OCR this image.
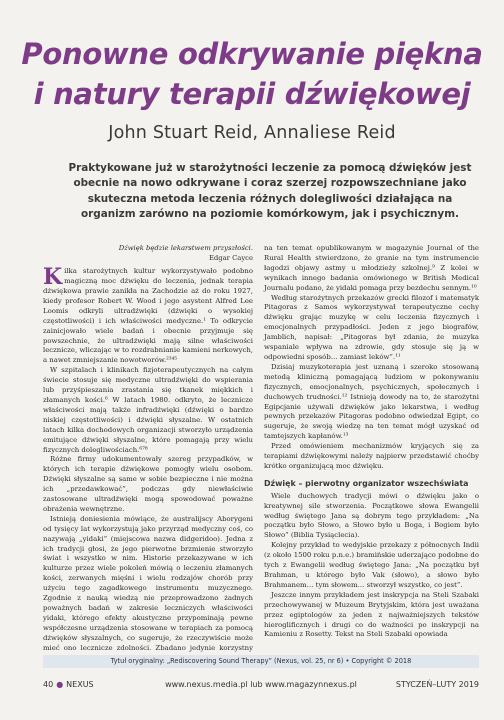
Ponowne odkrywanie piękna
i natury terapii dźwiękowej
John Stuart Reid, Annaliese Reid
Praktykowane już w starożytności leczenie za pomocą dźwięków jest obecnie na nowo odkrywane i coraz szerzej rozpowszechniane jako skuteczna metoda leczenia różnych dolegliwości działająca na organizm zarówno na poziomie komórkowym, jak i psychicznym.
Dźwięk będzie lekarstwem przyszłości.
Edgar Cayce

Kilka starożytnych kultur wykorzystywało podobno magiczną moc dźwięku do leczenia, jednak terapia dźwiękowa prawie zanikła na Zachodzie aż do roku 1927, kiedy profesor Robert W. Wood i jego asystent Alfred Lee Loomis odkryli ultradźwięki (dźwięki o wysokiej częstotliwości) i ich właściwości medyczne.¹ To odkrycie zainicjowało wiele badań i obecnie przyjmuje się powszechnie, że ultradźwięki mają silne właściwości lecznicze, wliczając w to rozdrabnianie kamieni nerkowych, a nawet zmniejszanie nowotworów.²³⁴⁵

W szpitalach i klinikach fizjoterapeutycznych na całym świecie stosuje się medyczne ultradźwięki do wspierania lub przyśpieszania zrastania się tkanek miękkich i złamanych kości.⁶ W latach 1980. odkryto, że lecznicze właściwości mają także infradźwięki (dźwięki o bardzo niskiej częstotliwości) i dźwięki słyszalne. W ostatnich latach kilka dochodowych organizacji stworzyło urządzenia emitujące dźwięki słyszalne, które pomagają przy wielu fizycznych dolegliwościach.⁶⁷⁸

Różne firmy udokumentowały szereg przypadków, w których ich terapie dźwiękowe pomogły wielu osobom. Dźwięki słyszalne są same w sobie bezpieczne i nie można ich „przedawkować”, podczas gdy niewłaściwie zastosowane ultradźwięki mogą spowodować poważne obrażenia wewnętrzne.

Istnieją doniesienia mówiące, że australijscy Aborygeni od tysięcy lat wykorzystują jako przyrząd medyczny coś, co nazywają „yidaki” (miejscowa nazwa didgeridoo). Jedna z ich tradycji głosi, że jego pierwotne brzmienie stworzyło świat i wszystko w nim. Historie przekazywane w ich kulturze przez wiele pokoleń mówią o leczeniu złamanych kości, zerwanych mięśni i wielu rodzajów chorób przy użyciu tego zagadkowego instrumentu muzycznego. Zgodnie z nauką wiedzą nie przeprowadzono żadnych poważnych badań w zakresie leczniczych właściwości yidaki, którego efekty akustyczne przypominają pewne współczesne urządzenia stosowane w terapiach za pomocą dźwięków słyszalnych, co sugeruje, że rzeczywiście może mieć ono lecznicze zdolności. Zbadano jedynie korzystny

na ten temat opublikowanym w magazynie Journal of the Rural Health stwierdzono, że granie na tym instrumencie łagodzi objawy astmy u młodzieży szkolnej.⁹ Z kolei w wynikach innego badania omówionego w British Medical Journalu podano, że yidaki pomaga przy bezdechu sennym.¹⁰

Według starożytnych przekazów grecki filozof i matematyk Pitagoras z Samos wykorzystywał terapeutyczne cechy dźwięku grając muzykę w celu leczenia fizycznych i emocjonalnych przypadłości. Jeden z jego biografów, Jamblich, napisał: „Pitagoras był zdania, że muzyka wspaniale wpływa na zdrowie, gdy stosuje się ją w odpowiedni sposób… zamiast leków”.¹¹

Dzisiaj muzykoterapia jest uznaną i szeroko stosowaną metodą kliniczną pomagającą ludziom w pokonywaniu fizycznych, emocjonalnych, psychicznych, społecznych i duchowych trudności.¹² Istnieją dowody na to, że starożytni Egipcjanie używali dźwięków jako lekarstwa, i według pewnych przekazów Pitagoras podobno odwiedzał Egipt, co sugeruje, że swoją wiedzę na ten temat mógł uzyskać od tamtejszych kapłanów.¹³

Przed omówieniem mechanizmów kryjących się za terapiami dźwiękowymi należy najpierw przedstawić choćby krótko organizującą moc dźwięku.

Dźwięk – pierwotny organizator wszechświata

Wiele duchowych tradycji mówi o dźwięku jako o kreatywnej sile stworzenia. Początkowe słowa Ewangelii według świętego Jana są dobrym tego przykładem: „Na początku było Słowo, a Słowo było u Boga, i Bogiem było Słowo” (Biblia Tysiąclecia).

Kolejny przykład to wedyjskie przekazy z północnych Indii (z około 1500 roku p.n.e.) bramińskie uderzająco podobne do tych z Ewangelii według świętego Jana: „Na początku był Brahman, u którego było Vak (słowo), a słowo było Brahmanem… tym słowem… stworzył wszystko, co jest”.

Jeszcze innym przykładem jest inskrypcja na Steli Szabaki przechowywanej w Muzeum Brytyjskim, która jest uważana przez egiptologów za jeden z najważniejszych tekstów hieroglificznych i drugi co do ważności po inskrypcji na Kamieniu z Rosetty. Tekst na Steli Szabaki opowiada

Tytuł oryginalny: „Rediscovering Sound Therapy” (Nexus, vol. 25, nr 6) • Copyright © 2018
40 ● NEXUS	www.nexus.media.pl lub www.magazynnexus.pl	STYCZEŃ–LUTY 2019
